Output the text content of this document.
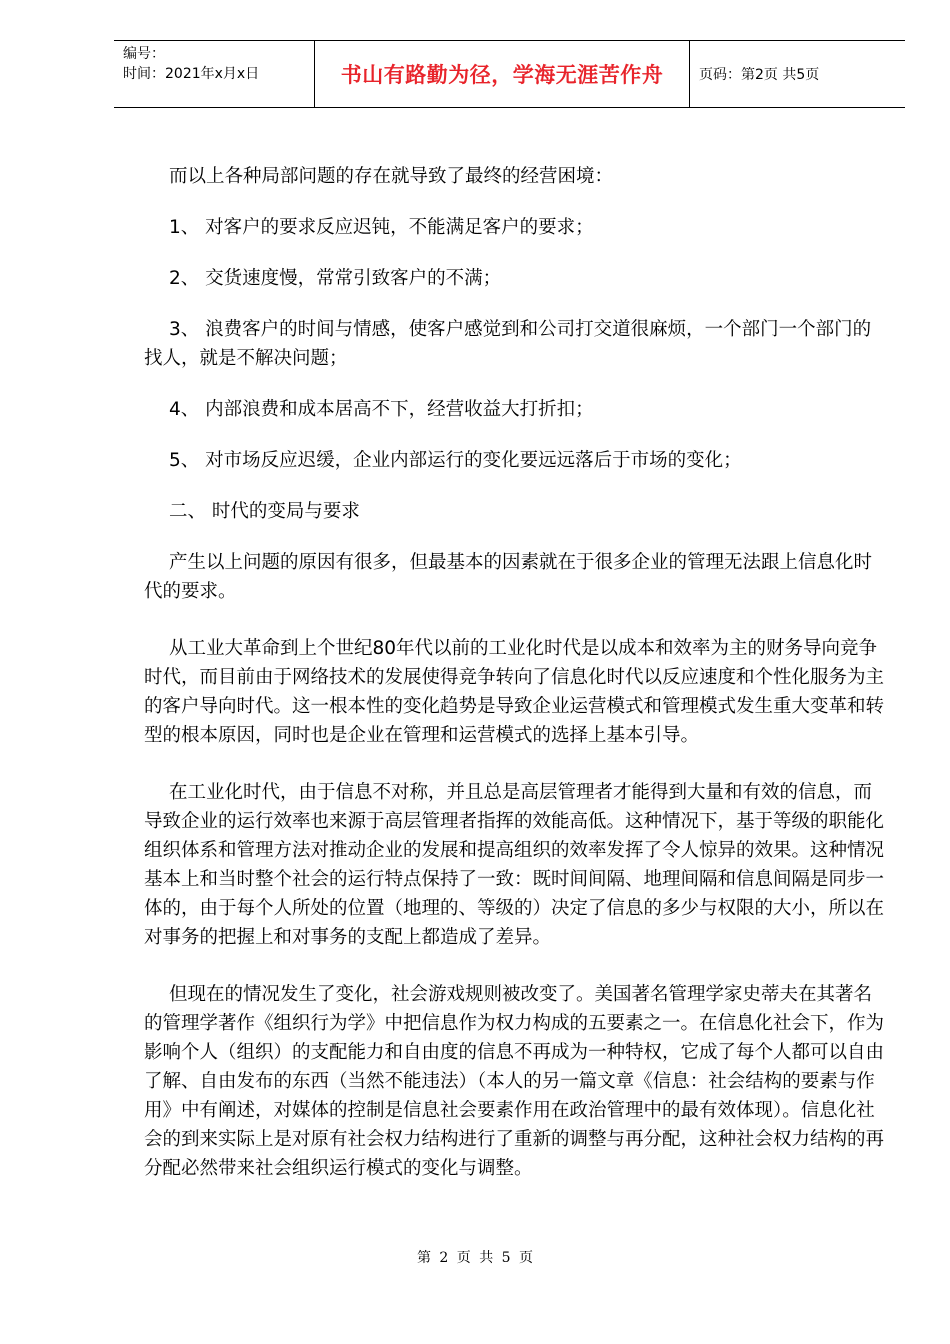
编号：
时间：2021年x月x日	书山有路勤为径，学海无涯苦作舟	页码：第2页 共5页

而以上各种局部问题的存在就导致了最终的经营困境：

1、 对客户的要求反应迟钝，不能满足客户的要求；

2、 交货速度慢，常常引致客户的不满；

3、 浪费客户的时间与情感，使客户感觉到和公司打交道很麻烦，一个部门一个部门的找人，就是不解决问题；

4、 内部浪费和成本居高不下，经营收益大打折扣；

5、 对市场反应迟缓，企业内部运行的变化要远远落后于市场的变化；

二、 时代的变局与要求

产生以上问题的原因有很多，但最基本的因素就在于很多企业的管理无法跟上信息化时代的要求。

从工业大革命到上个世纪80年代以前的工业化时代是以成本和效率为主的财务导向竞争时代，而目前由于网络技术的发展使得竞争转向了信息化时代以反应速度和个性化服务为主的客户导向时代。这一根本性的变化趋势是导致企业运营模式和管理模式发生重大变革和转型的根本原因，同时也是企业在管理和运营模式的选择上基本引导。

在工业化时代，由于信息不对称，并且总是高层管理者才能得到大量和有效的信息，而导致企业的运行效率也来源于高层管理者指挥的效能高低。这种情况下，基于等级的职能化组织体系和管理方法对推动企业的发展和提高组织的效率发挥了令人惊异的效果。这种情况基本上和当时整个社会的运行特点保持了一致：既时间间隔、地理间隔和信息间隔是同步一体的，由于每个人所处的位置（地理的、等级的）决定了信息的多少与权限的大小，所以在对事务的把握上和对事务的支配上都造成了差异。

但现在的情况发生了变化，社会游戏规则被改变了。美国著名管理学家史蒂夫在其著名的管理学著作《组织行为学》中把信息作为权力构成的五要素之一。在信息化社会下，作为影响个人（组织）的支配能力和自由度的信息不再成为一种特权，它成了每个人都可以自由了解、自由发布的东西（当然不能违法）（本人的另一篇文章《信息：社会结构的要素与作用》中有阐述，对媒体的控制是信息社会要素作用在政治管理中的最有效体现）。信息化社会的到来实际上是对原有社会权力结构进行了重新的调整与再分配，这种社会权力结构的再分配必然带来社会组织运行模式的变化与调整。

第 2 页 共 5 页
